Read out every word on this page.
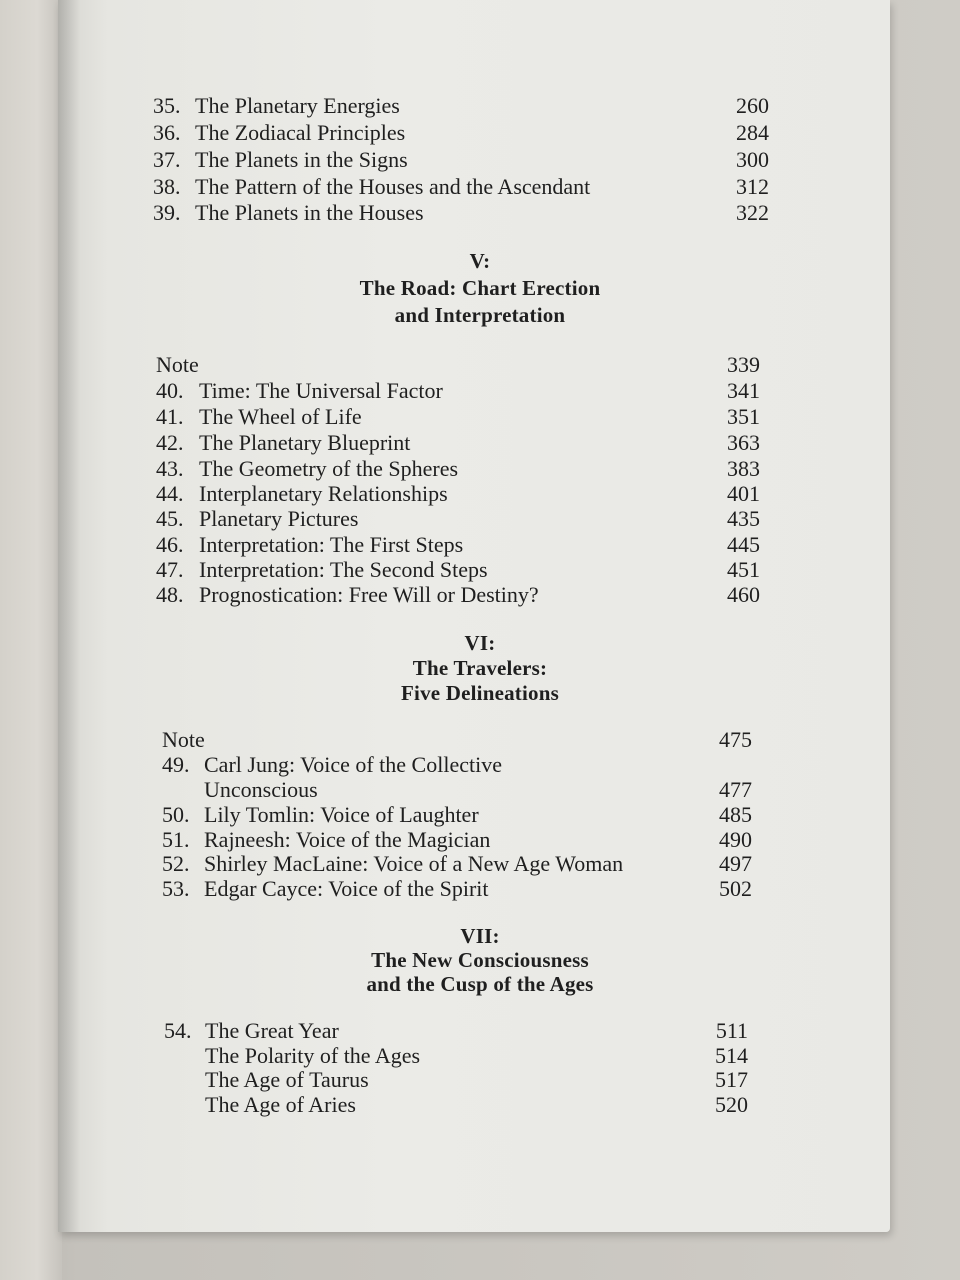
35. The Planetary Energies	260
36. The Zodiacal Principles	284
37. The Planets in the Signs	300
38. The Pattern of the Houses and the Ascendant	312
39. The Planets in the Houses	322
V:
The Road: Chart Erection
and Interpretation
Note	339
40. Time: The Universal Factor	341
41. The Wheel of Life	351
42. The Planetary Blueprint	363
43. The Geometry of the Spheres	383
44. Interplanetary Relationships	401
45. Planetary Pictures	435
46. Interpretation: The First Steps	445
47. Interpretation: The Second Steps	451
48. Prognostication: Free Will or Destiny?	460
VI:
The Travelers:
Five Delineations
Note	475
49. Carl Jung: Voice of the Collective
Unconscious	477
50. Lily Tomlin: Voice of Laughter	485
51. Rajneesh: Voice of the Magician	490
52. Shirley MacLaine: Voice of a New Age Woman	497
53. Edgar Cayce: Voice of the Spirit	502
VII:
The New Consciousness
and the Cusp of the Ages
54. The Great Year	511
The Polarity of the Ages	514
The Age of Taurus	517
The Age of Aries	520
